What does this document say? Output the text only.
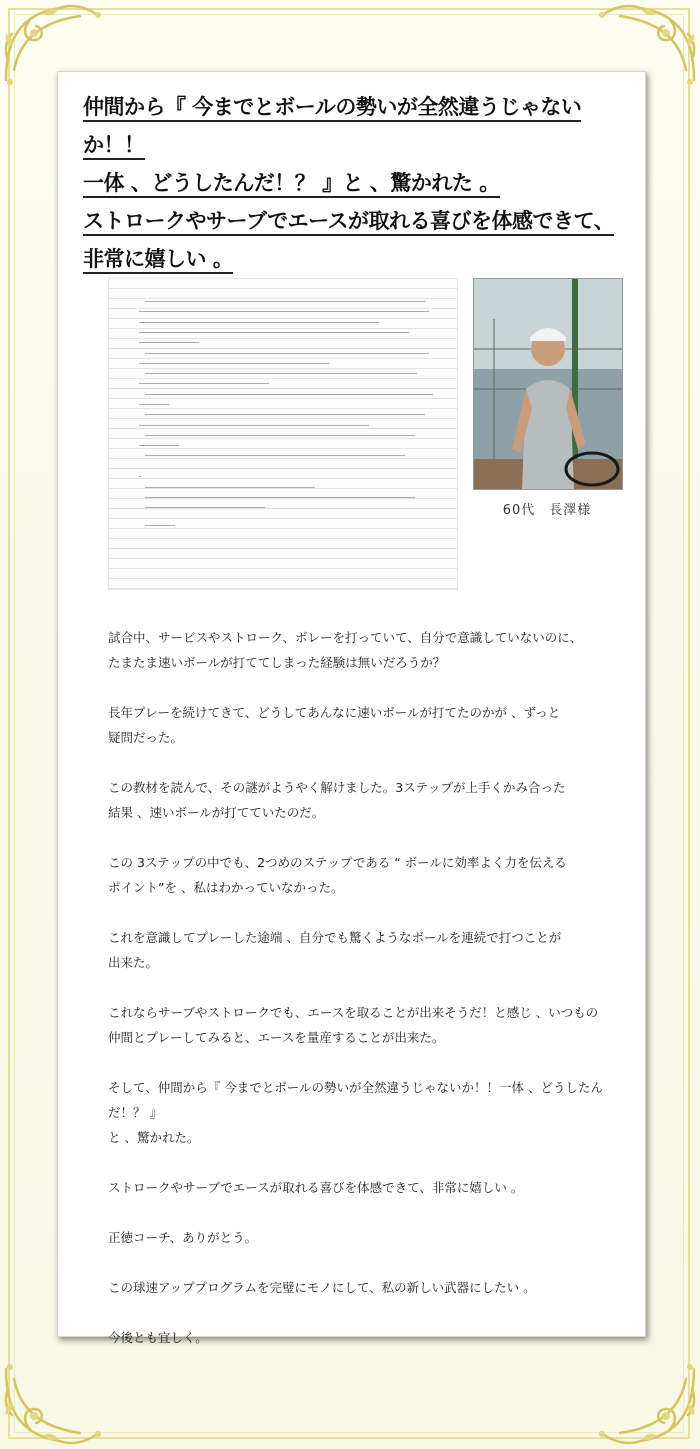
仲間から『 今までとボールの勢いが全然違うじゃないか！！
一体 、どうしたんだ！？ 』と 、驚かれた 。
ストロークやサーブでエースが取れる喜びを体感できて、
非常に嬉しい 。
60代　長澤様

試合中、サービスやストローク、ボレーを打っていて、自分で意識していないのに、
たまたま速いボールが打ててしまった経験は無いだろうか？

長年プレーを続けてきて、どうしてあんなに速いボールが打てたのかが 、ずっと
疑問だった。

この教材を読んで、その謎がようやく解けました。3ステップが上手くかみ合った
結果 、速いボールが打てていたのだ。

この 3ステップの中でも、2つめのステップである “ ボールに効率よく力を伝える
ポイント”を 、私はわかっていなかった。

これを意識してプレーした途端 、自分でも驚くようなボールを連続で打つことが
出来た。

これならサーブやストロークでも、エースを取ることが出来そうだ！と感じ 、いつもの
仲間とプレーしてみると、エースを量産することが出来た。

そして、仲間から『 今までとボールの勢いが全然違うじゃないか！！一体 、どうしたんだ！？ 』
と 、驚かれた。

ストロークやサーブでエースが取れる喜びを体感できて、非常に嬉しい 。

正徳コーチ、ありがとう。

この球速アッププログラムを完璧にモノにして、私の新しい武器にしたい 。

今後とも宜しく。
